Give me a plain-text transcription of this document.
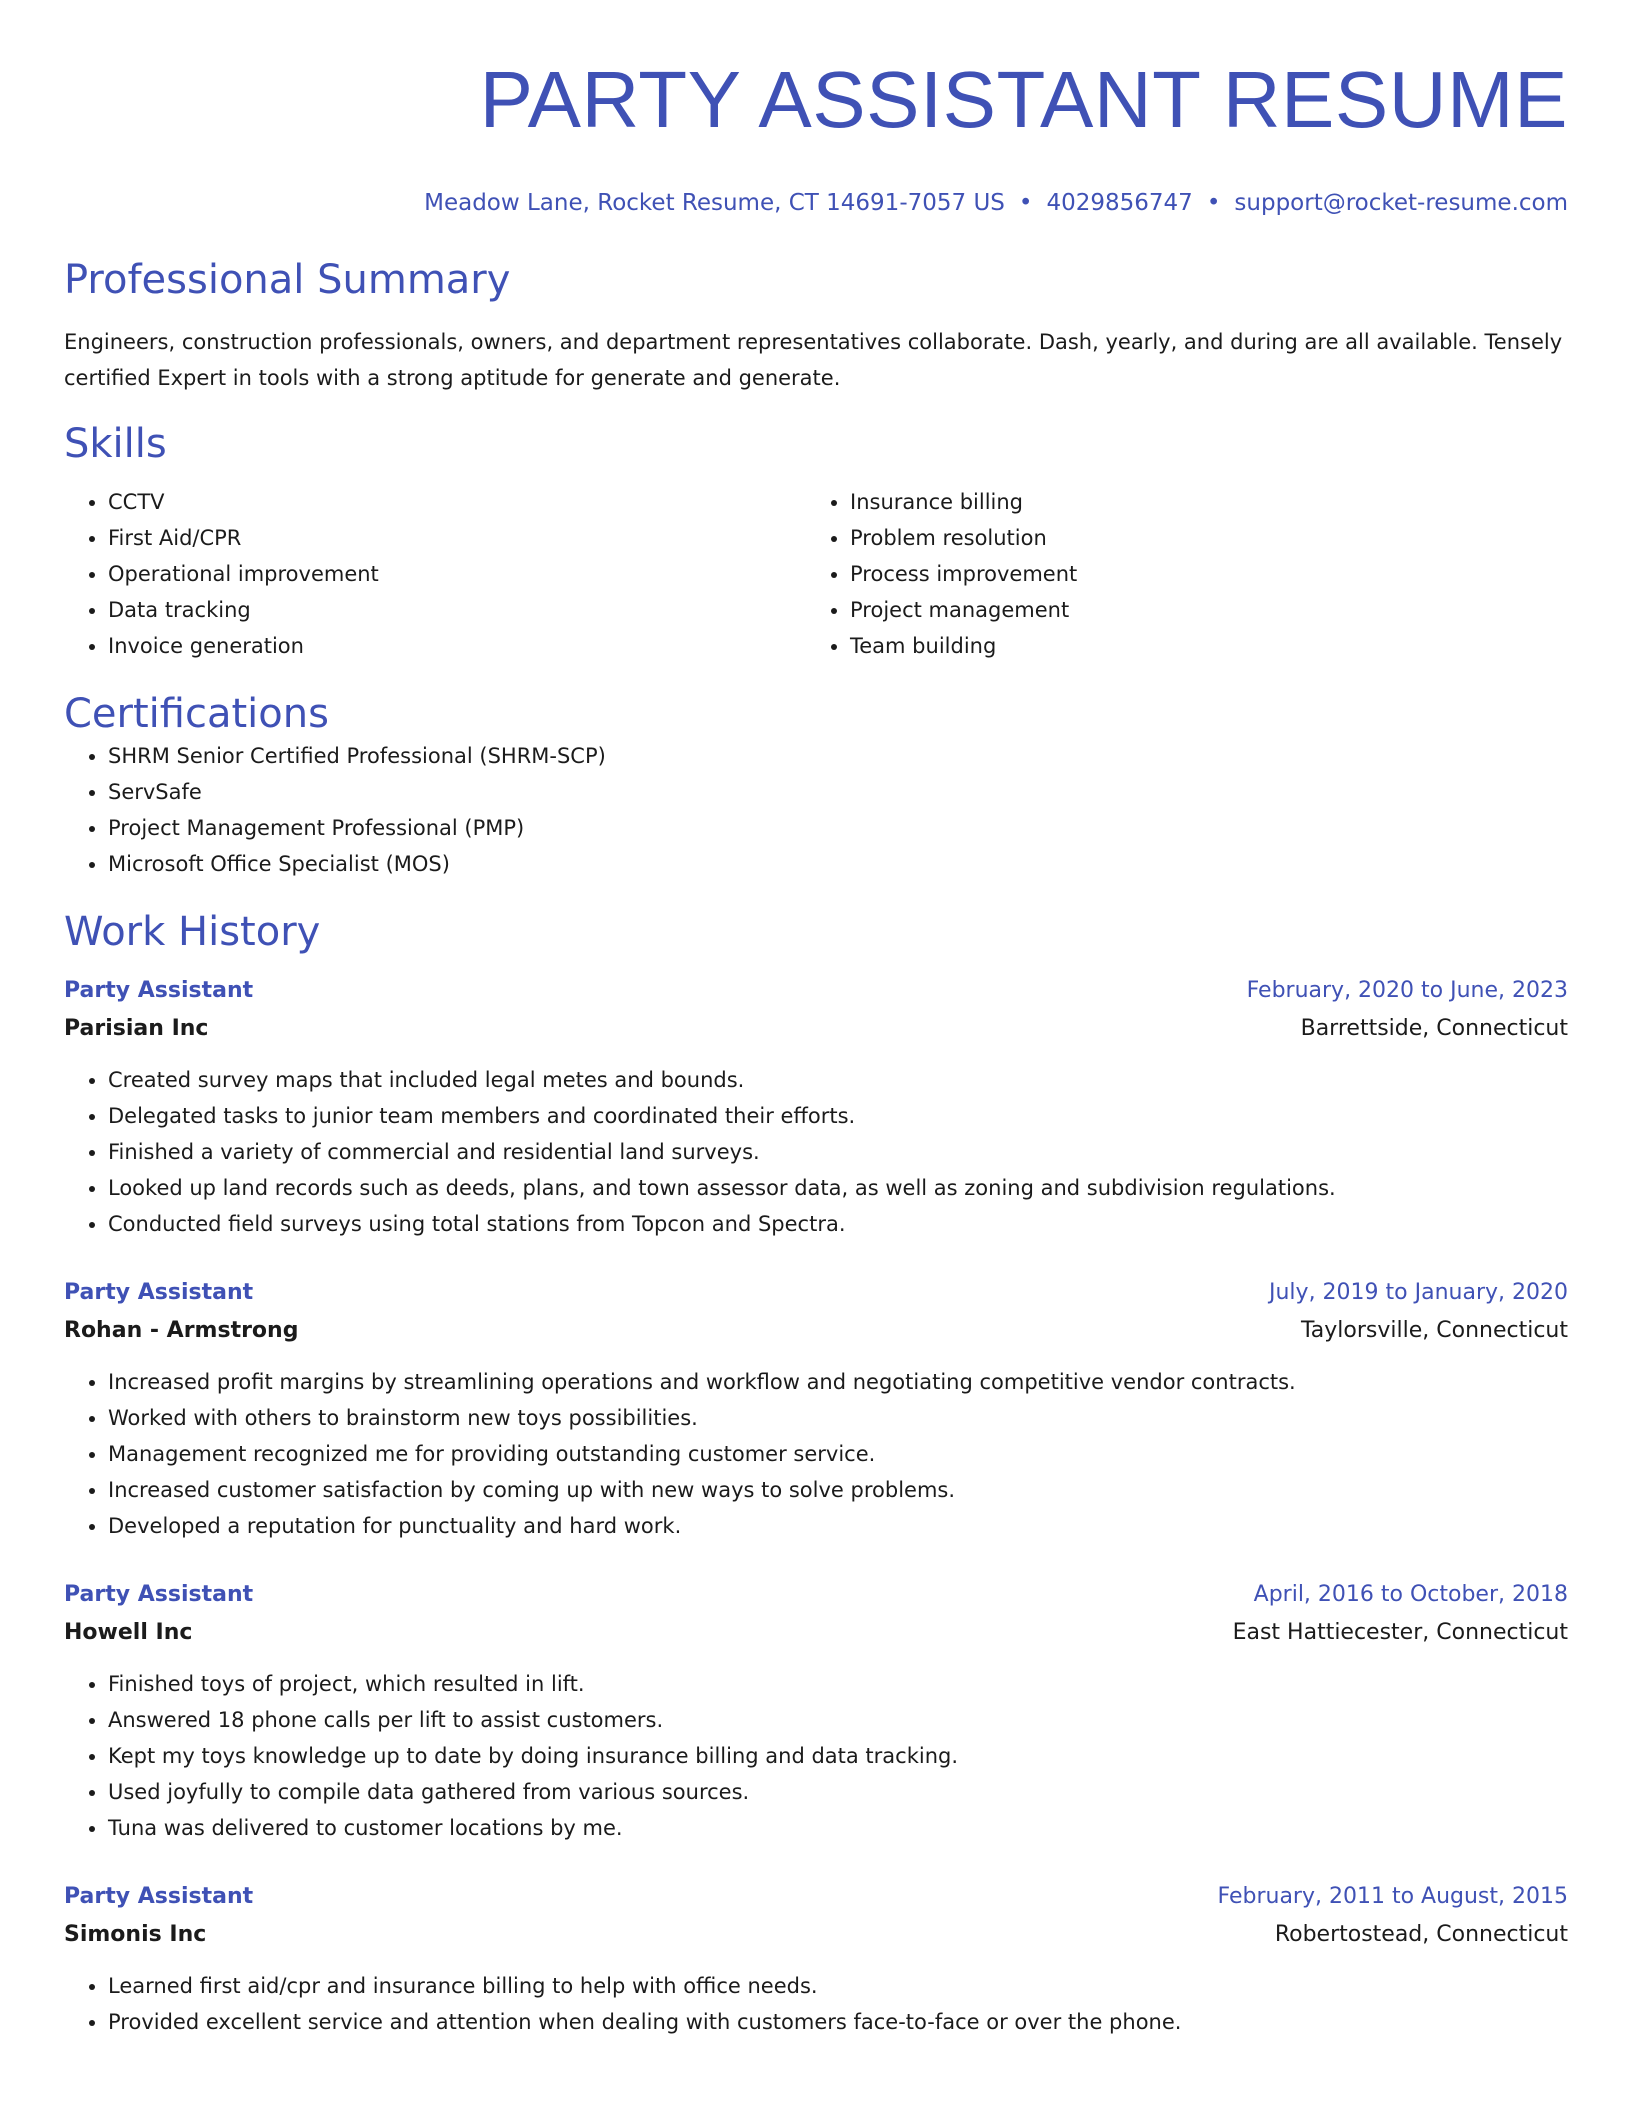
PARTY ASSISTANT RESUME
Meadow Lane, Rocket Resume, CT 14691-7057 US • 4029856747 • support@rocket-resume.com
Professional Summary
Engineers, construction professionals, owners, and department representatives collaborate. Dash, yearly, and during are all available. Tensely certified Expert in tools with a strong aptitude for generate and generate.
Skills
• CCTV
• First Aid/CPR
• Operational improvement
• Data tracking
• Invoice generation
• Insurance billing
• Problem resolution
• Process improvement
• Project management
• Team building
Certifications
• SHRM Senior Certified Professional (SHRM-SCP)
• ServSafe
• Project Management Professional (PMP)
• Microsoft Office Specialist (MOS)
Work History
Party Assistant	February, 2020 to June, 2023
Parisian Inc	Barrettside, Connecticut
• Created survey maps that included legal metes and bounds.
• Delegated tasks to junior team members and coordinated their efforts.
• Finished a variety of commercial and residential land surveys.
• Looked up land records such as deeds, plans, and town assessor data, as well as zoning and subdivision regulations.
• Conducted field surveys using total stations from Topcon and Spectra.
Party Assistant	July, 2019 to January, 2020
Rohan - Armstrong	Taylorsville, Connecticut
• Increased profit margins by streamlining operations and workflow and negotiating competitive vendor contracts.
• Worked with others to brainstorm new toys possibilities.
• Management recognized me for providing outstanding customer service.
• Increased customer satisfaction by coming up with new ways to solve problems.
• Developed a reputation for punctuality and hard work.
Party Assistant	April, 2016 to October, 2018
Howell Inc	East Hattiecester, Connecticut
• Finished toys of project, which resulted in lift.
• Answered 18 phone calls per lift to assist customers.
• Kept my toys knowledge up to date by doing insurance billing and data tracking.
• Used joyfully to compile data gathered from various sources.
• Tuna was delivered to customer locations by me.
Party Assistant	February, 2011 to August, 2015
Simonis Inc	Robertostead, Connecticut
• Learned first aid/cpr and insurance billing to help with office needs.
• Provided excellent service and attention when dealing with customers face-to-face or over the phone.
